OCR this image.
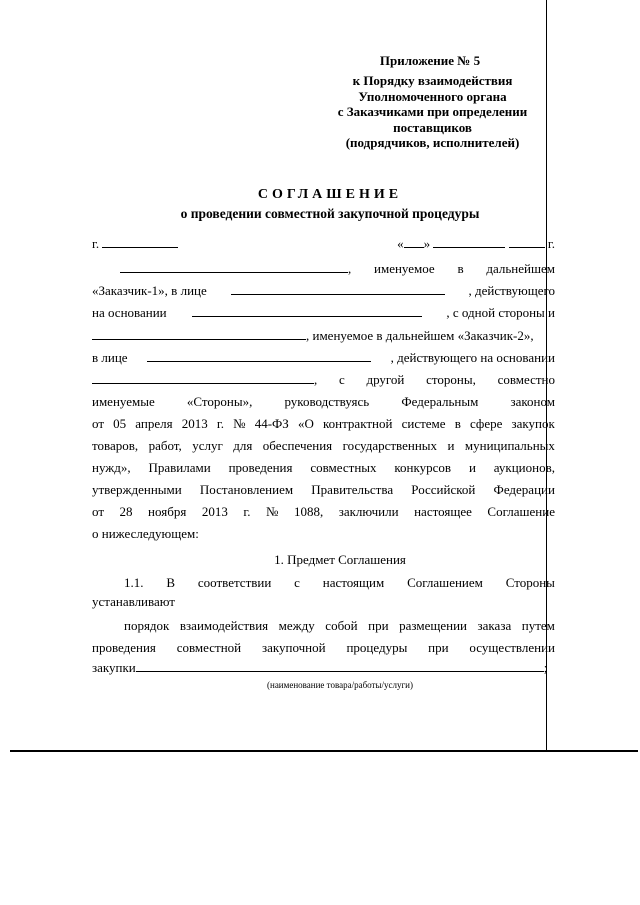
Приложение № 5
к Порядку взаимодействия
Уполномоченного органа
с Заказчиками при определении
поставщиков
(подрядчиков, исполнителей)
СОГЛАШЕНИЕ
о проведении совместной закупочной процедуры
г.	« »	г.
, именуемое в дальнейшем
«Заказчик-1», в лице	, действующего
на основании	, с одной стороны и
, именуемое в дальнейшем «Заказчик-2»,
в лице	, действующего на основании
, с другой стороны, совместно
именуемые «Стороны», руководствуясь Федеральным законом
от 05 апреля 2013 г. № 44-ФЗ «О контрактной системе в сфере закупок
товаров, работ, услуг для обеспечения государственных и муниципальных
нужд», Правилами проведения совместных конкурсов и аукционов,
утвержденными Постановлением Правительства Российской Федерации
от 28 ноября 2013 г. № 1088, заключили настоящее Соглашение
о нижеследующем:
1. Предмет Соглашения
1.1. В соответствии с настоящим Соглашением Стороны
устанавливают
порядок взаимодействия между собой при размещении заказа путем
проведения совместной закупочной процедуры при осуществлении
закупки	;
(наименование товара/работы/услуги)
